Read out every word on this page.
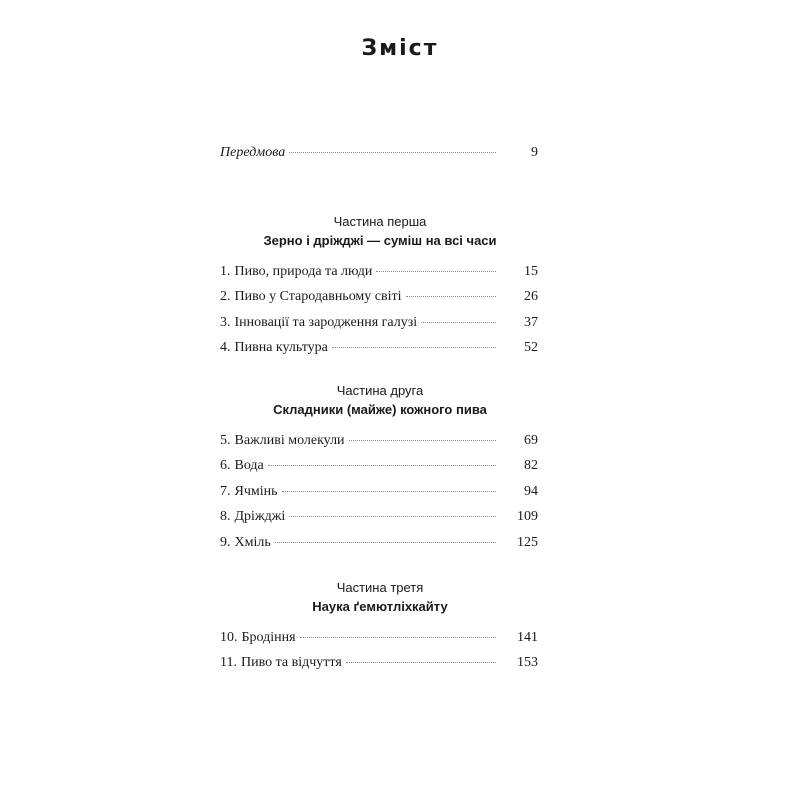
Зміст
Передмова	9
Частина перша
Зерно і дріжджі — суміш на всі часи
1. Пиво, природа та люди	15
2. Пиво у Стародавньому світі	26
3. Інновації та зародження галузі	37
4. Пивна культура	52
Частина друга
Складники (майже) кожного пива
5. Важливі молекули	69
6. Вода	82
7. Ячмінь	94
8. Дріжджі	109
9. Хміль	125
Частина третя
Наука ґемютліхкайту
10. Бродіння	141
11. Пиво та відчуття	153
